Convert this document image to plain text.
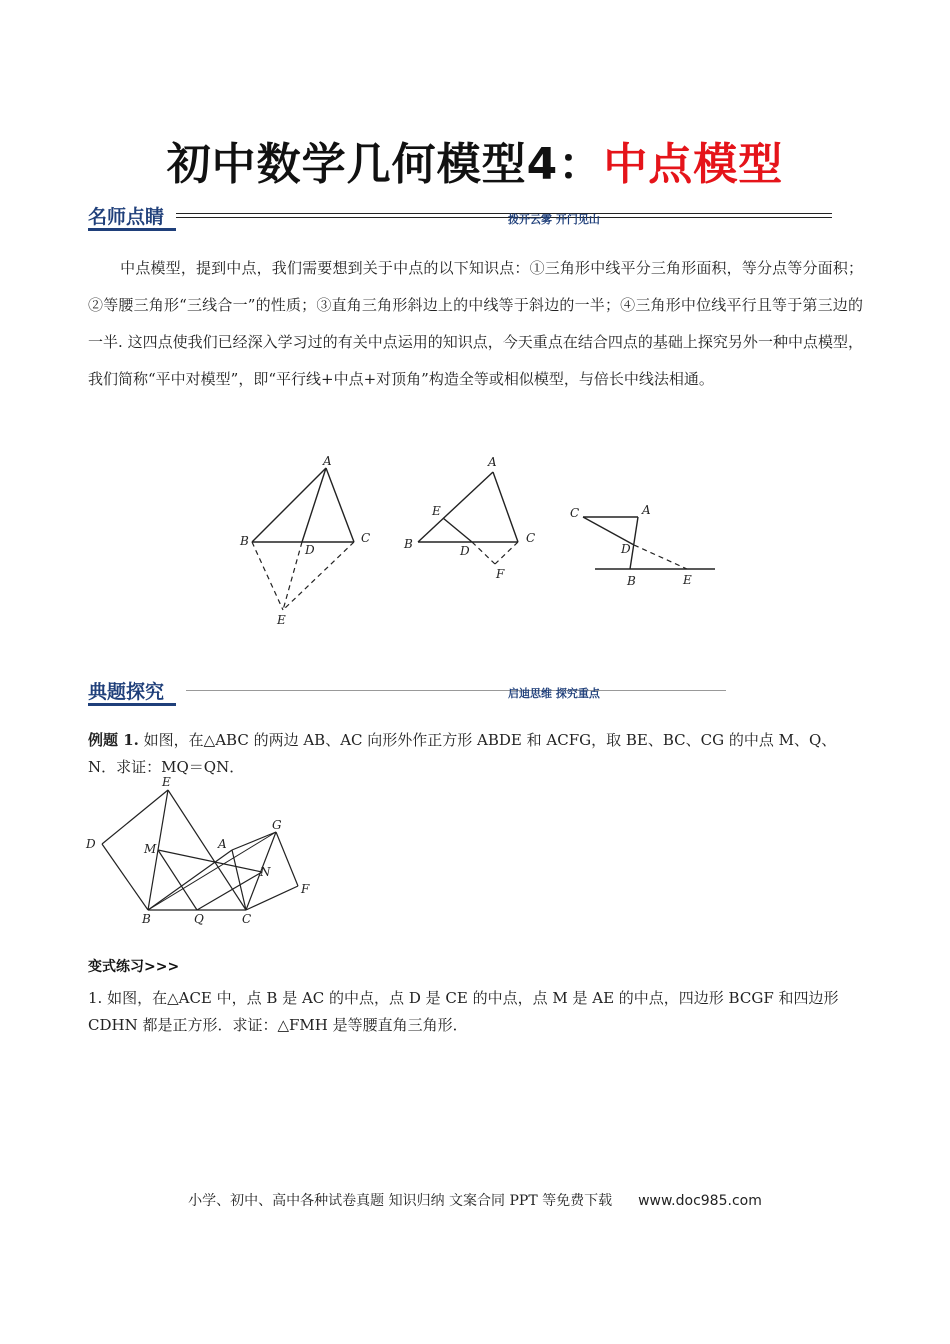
初中数学几何模型4：中点模型
名师点睛	拨开云雾 开门见山
中点模型，提到中点，我们需要想到关于中点的以下知识点：①三角形中线平分三角形面积，等分点等分面积；②等腰三角形“三线合一”的性质；③直角三角形斜边上的中线等于斜边的一半；④三角形中位线平行且等于第三边的一半. 这四点使我们已经深入学习过的有关中点运用的知识点，今天重点在结合四点的基础上探究另外一种中点模型，我们简称“平中对模型”，即“平行线+中点+对顶角”构造全等或相似模型，与倍长中线法相通。
A
B	C
D
E
A
B	C
D
E
F
A
B
C
D
E
典题探究	启迪思维 探究重点
例题 1. 如图，在△ABC 的两边 AB、AC 向形外作正方形 ABDE 和 ACFG，取 BE、BC、CG 的中点 M、Q、N．求证：MQ＝QN．
E
D	M	A
G
N
F
B	Q	C
变式练习>>>
1. 如图，在△ACE 中，点 B 是 AC 的中点，点 D 是 CE 的中点，点 M 是 AE 的中点，四边形 BCGF 和四边形 CDHN 都是正方形．求证：△FMH 是等腰直角三角形．
小学、初中、高中各种试卷真题 知识归纳 文案合同 PPT 等免费下载 www.doc985.com
